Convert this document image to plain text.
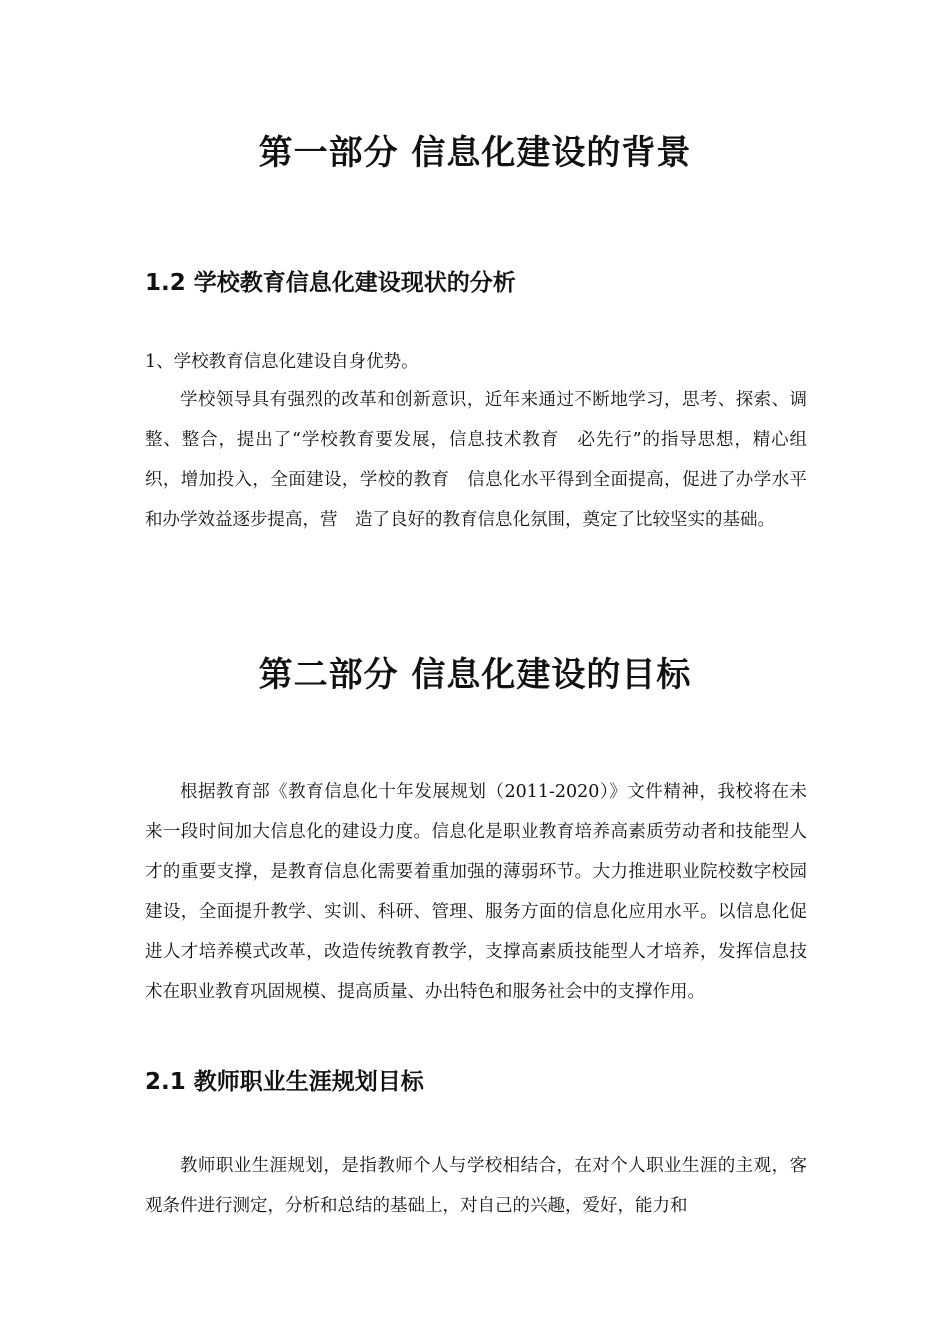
第一部分 信息化建设的背景
1.2 学校教育信息化建设现状的分析

1、学校教育信息化建设自身优势。

学校领导具有强烈的改革和创新意识，近年来通过不断地学习，思考、探索、调整、整合，提出了“学校教育要发展，信息技术教育　必先行”的指导思想，精心组织，增加投入，全面建设，学校的教育　信息化水平得到全面提高，促进了办学水平和办学效益逐步提高，营　造了良好的教育信息化氛围，奠定了比较坚实的基础。

第二部分 信息化建设的目标

根据教育部《教育信息化十年发展规划（2011-2020）》文件精神，我校将在未来一段时间加大信息化的建设力度。信息化是职业教育培养高素质劳动者和技能型人才的重要支撑，是教育信息化需要着重加强的薄弱环节。大力推进职业院校数字校园建设，全面提升教学、实训、科研、管理、服务方面的信息化应用水平。以信息化促进人才培养模式改革，改造传统教育教学，支撑高素质技能型人才培养，发挥信息技术在职业教育巩固规模、提高质量、办出特色和服务社会中的支撑作用。

2.1 教师职业生涯规划目标

教师职业生涯规划，是指教师个人与学校相结合，在对个人职业生涯的主观，客观条件进行测定，分析和总结的基础上，对自己的兴趣，爱好，能力和
